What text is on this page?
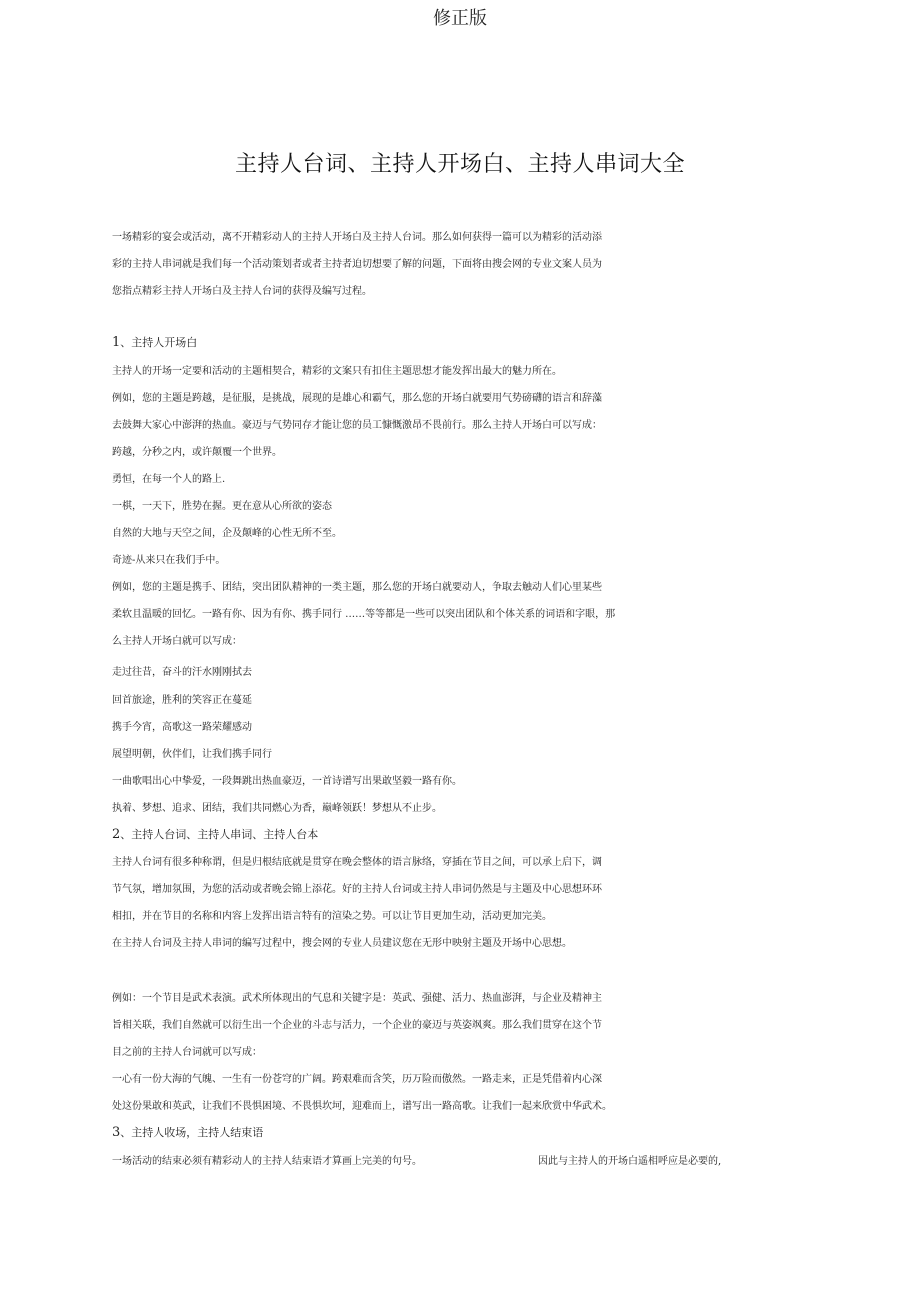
修正版
主持人台词、主持人开场白、主持人串词大全
一场精彩的宴会或活动，离不开精彩动人的主持人开场白及主持人台词。那么如何获得一篇可以为精彩的活动添
彩的主持人串词就是我们每一个活动策划者或者主持者迫切想要了解的问题，下面将由搜会网的专业文案人员为
您指点精彩主持人开场白及主持人台词的获得及编写过程。
1、主持人开场白
主持人的开场一定要和活动的主题相契合，精彩的文案只有扣住主题思想才能发挥出最大的魅力所在。
例如，您的主题是跨越，是征服，是挑战，展现的是雄心和霸气，那么您的开场白就要用气势磅礴的语言和辞藻
去鼓舞大家心中澎湃的热血。豪迈与气势同存才能让您的员工慷慨激昂不畏前行。那么主持人开场白可以写成：
跨越，分秒之内，或许颠覆一个世界。
勇恒，在每一个人的路上.
一棋，一天下，胜势在握。更在意从心所欲的姿态
自然的大地与天空之间，企及颠峰的心性无所不至。
奇迹-从来只在我们手中。
例如，您的主题是携手、团结，突出团队精神的一类主题，那么您的开场白就要动人，争取去触动人们心里某些
柔软且温暖的回忆。一路有你、因为有你、携手同行 ……等等都是一些可以突出团队和个体关系的词语和字眼，那
么主持人开场白就可以写成：
走过往昔，奋斗的汗水刚刚拭去
回首旅途，胜利的笑容正在蔓延
携手今宵，高歌这一路荣耀感动
展望明朝，伙伴们，让我们携手同行
一曲歌唱出心中挚爱，一段舞跳出热血豪迈，一首诗谱写出果敢坚毅一路有你。
执着、梦想、追求、团结，我们共同燃心为香，巅峰领跃！梦想从不止步。
2、主持人台词、主持人串词、主持人台本
主持人台词有很多种称谓，但是归根结底就是贯穿在晚会整体的语言脉络，穿插在节目之间，可以承上启下，调
节气氛，增加氛围，为您的活动或者晚会锦上添花。好的主持人台词或主持人串词仍然是与主题及中心思想环环
相扣，并在节目的名称和内容上发挥出语言特有的渲染之势。可以让节目更加生动，活动更加完美。
在主持人台词及主持人串词的编写过程中，搜会网的专业人员建议您在无形中映射主题及开场中心思想。
例如：一个节目是武术表演。武术所体现出的气息和关键字是：英武、强健、活力、热血澎湃，与企业及精神主
旨相关联，我们自然就可以衍生出一个企业的斗志与活力，一个企业的豪迈与英姿飒爽。那么我们贯穿在这个节
目之前的主持人台词就可以写成：
一心有一份大海的气魄、一生有一份苍穹的广阔。跨艰难而含笑，历万险而傲然。一路走来，正是凭借着内心深
处这份果敢和英武，让我们不畏惧困境、不畏惧坎坷，迎难而上，谱写出一路高歌。让我们一起来欣赏中华武术。
3、主持人收场，主持人结束语
一场活动的结束必须有精彩动人的主持人结束语才算画上完美的句号。	因此与主持人的开场白遥相呼应是必要的,
